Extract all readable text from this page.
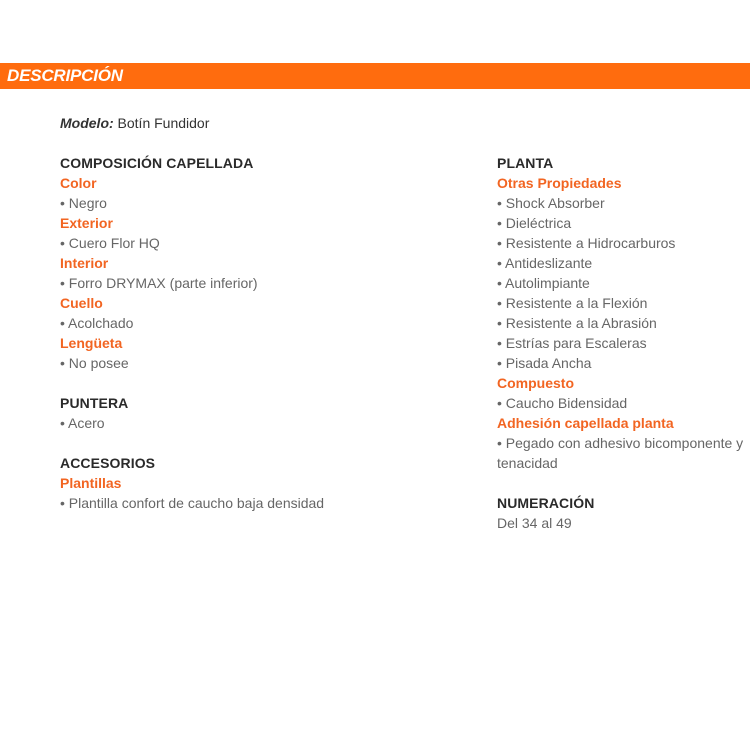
DESCRIPCIÓN
Modelo: Botín Fundidor
COMPOSICIÓN CAPELLADA
Color
• Negro
Exterior
• Cuero Flor HQ
Interior
• Forro DRYMAX (parte inferior)
Cuello
• Acolchado
Lengüeta
• No posee
PUNTERA
• Acero
ACCESORIOS
Plantillas
• Plantilla confort de caucho baja densidad
PLANTA
Otras Propiedades
• Shock Absorber
• Dieléctrica
• Resistente a Hidrocarburos
• Antideslizante
• Autolimpiante
• Resistente a la Flexión
• Resistente a la Abrasión
• Estrías para Escaleras
• Pisada Ancha
Compuesto
• Caucho Bidensidad
Adhesión capellada planta
• Pegado con adhesivo bicomponente y tenacidad
NUMERACIÓN
Del 34 al 49
